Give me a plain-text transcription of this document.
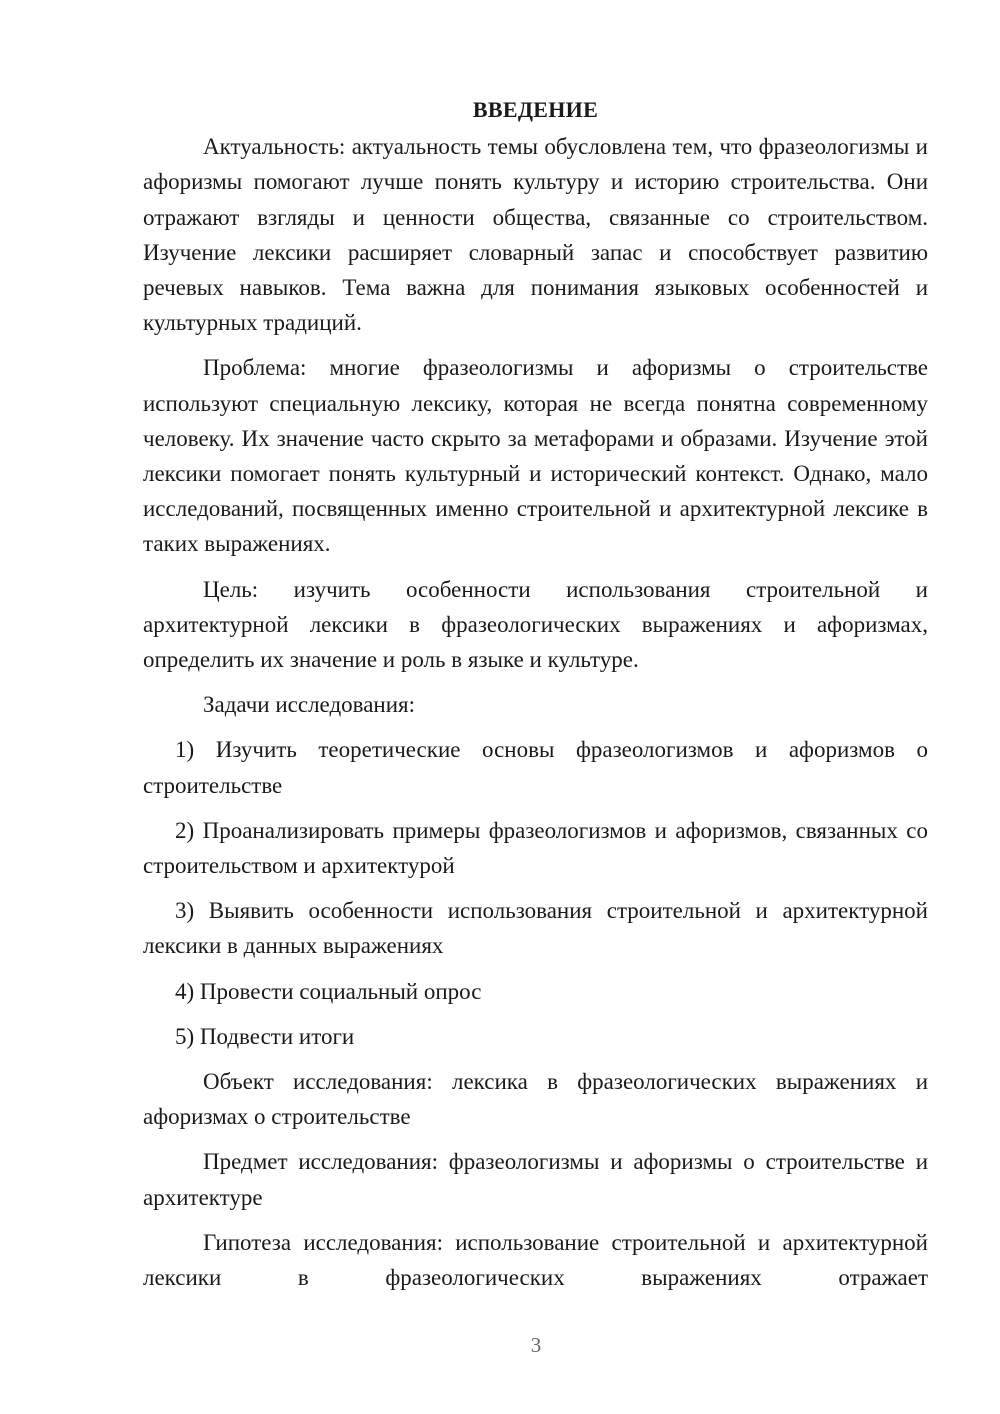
ВВЕДЕНИЕ

Актуальность: актуальность темы обусловлена тем, что фразеологизмы и афоризмы помогают лучше понять культуру и историю строительства. Они отражают взгляды и ценности общества, связанные со строительством. Изучение лексики расширяет словарный запас и способствует развитию речевых навыков. Тема важна для понимания языковых особенностей и культурных традиций.

Проблема: многие фразеологизмы и афоризмы о строительстве используют специальную лексику, которая не всегда понятна современному человеку. Их значение часто скрыто за метафорами и образами. Изучение этой лексики помогает понять культурный и исторический контекст. Однако, мало исследований, посвященных именно строительной и архитектурной лексике в таких выражениях.

Цель: изучить особенности использования строительной и архитектурной лексики в фразеологических выражениях и афоризмах, определить их значение и роль в языке и культуре.

Задачи исследования:

1) Изучить теоретические основы фразеологизмов и афоризмов о строительстве

2) Проанализировать примеры фразеологизмов и афоризмов, связанных со строительством и архитектурой

3) Выявить особенности использования строительной и архитектурной лексики в данных выражениях

4) Провести социальный опрос

5) Подвести итоги

Объект исследования: лексика в фразеологических выражениях и афоризмах о строительстве

Предмет исследования: фразеологизмы и афоризмы о строительстве и архитектуре

Гипотеза исследования: использование строительной и архитектурной лексики в фразеологических выражениях отражает

3
